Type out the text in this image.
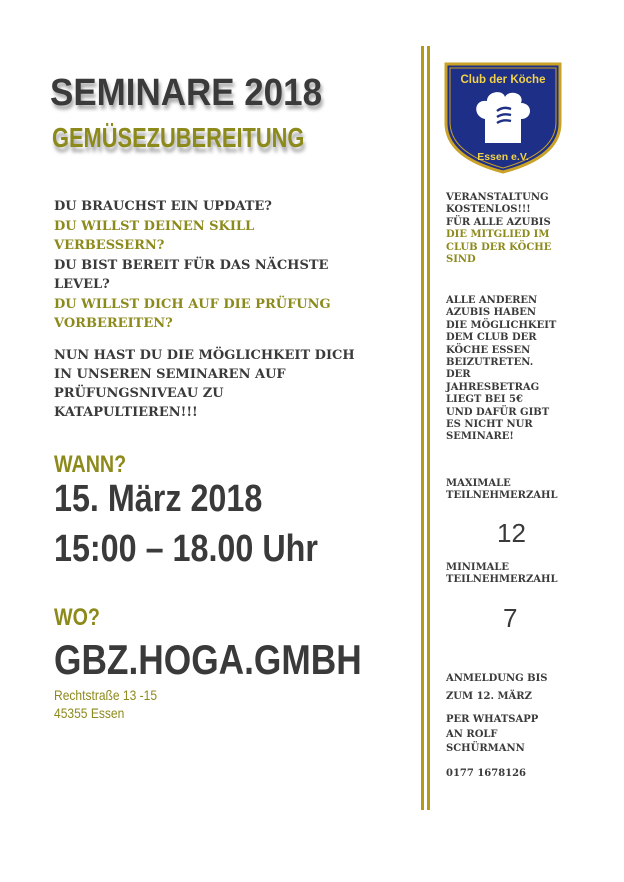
SEMINARE 2018
GEMÜSEZUBEREITUNG
DU BRAUCHST EIN UPDATE?
DU WILLST DEINEN SKILL
VERBESSERN?
DU BIST BEREIT FÜR DAS NÄCHSTE
LEVEL?
DU WILLST DICH AUF DIE PRÜFUNG
VORBEREITEN?
NUN HAST DU DIE MÖGLICHKEIT DICH
IN UNSEREN SEMINAREN AUF
PRÜFUNGSNIVEAU ZU
KATAPULTIEREN!!!
WANN?
15. März 2018
15:00 – 18.00 Uhr
WO?
GBZ.HOGA.GMBH
Rechtstraße 13 -15
45355 Essen
Club der Köche
Essen e.V.
VERANSTALTUNG
KOSTENLOS!!!
FÜR ALLE AZUBIS
DIE MITGLIED IM
CLUB DER KÖCHE
SIND
ALLE ANDEREN
AZUBIS HABEN
DIE MÖGLICHKEIT
DEM CLUB DER
KÖCHE ESSEN
BEIZUTRETEN.
DER
JAHRESBETRAG
LIEGT BEI 5€
UND DAFÜR GIBT
ES NICHT NUR
SEMINARE!
MAXIMALE
TEILNEHMERZAHL
12
MINIMALE
TEILNEHMERZAHL
7
ANMELDUNG BIS
ZUM 12. MÄRZ
PER WHATSAPP
AN ROLF
SCHÜRMANN
0177 1678126
